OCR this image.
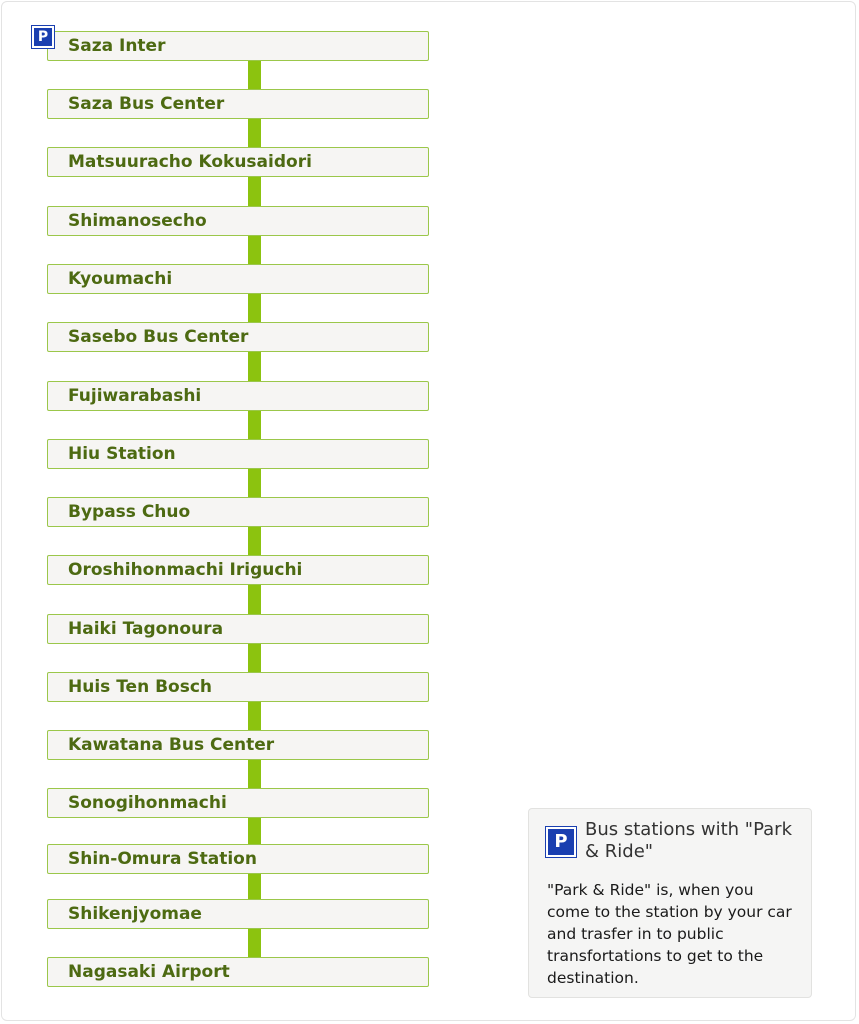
Saza Inter
P
Saza Bus Center
Matsuuracho Kokusaidori
Shimanosecho
Kyoumachi
Sasebo Bus Center
Fujiwarabashi
Hiu Station
Bypass Chuo
Oroshihonmachi Iriguchi
Haiki Tagonoura
Huis Ten Bosch
Kawatana Bus Center
Sonogihonmachi
Shin-Omura Station
Shikenjyomae
Nagasaki Airport
P
Bus stations with "Park & Ride"
"Park & Ride" is, when you come to the station by your car and trasfer in to public transfortations to get to the destination.
